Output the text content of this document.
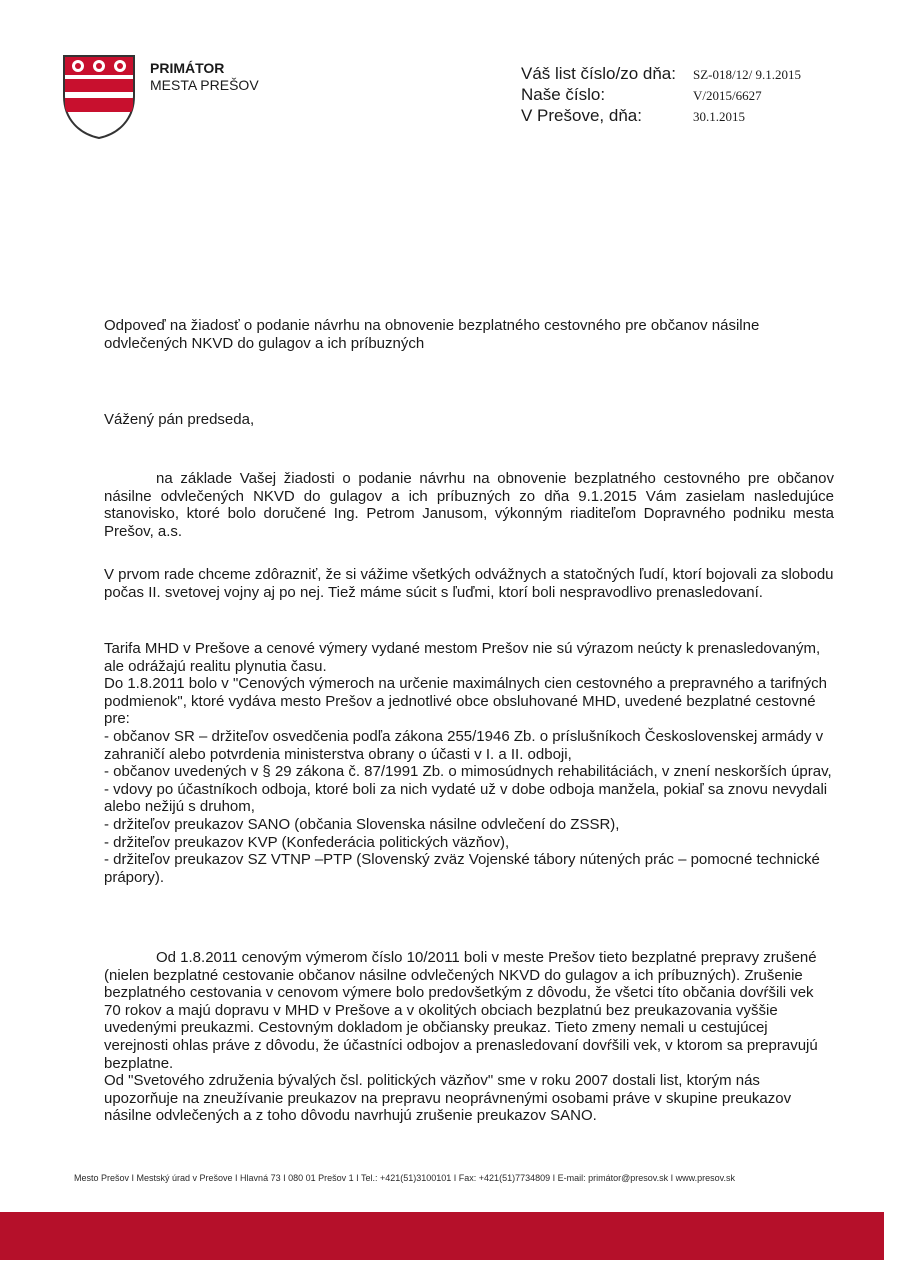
PRIMÁTOR
MESTA PREŠOV
Váš list číslo/zo dňa: SZ-018/12/ 9.1.2015
Naše číslo:	V/2015/6627
V Prešove, dňa:	30.1.2015
Odpoveď na žiadosť o podanie návrhu na obnovenie bezplatného cestovného pre občanov násilne odvlečených NKVD do gulagov a ich príbuzných
Vážený pán predseda,
na základe Vašej žiadosti o podanie návrhu na obnovenie bezplatného cestovného pre občanov násilne odvlečených NKVD do gulagov a ich príbuzných zo dňa 9.1.2015 Vám zasielam nasledujúce stanovisko, ktoré bolo doručené Ing. Petrom Janusom, výkonným riaditeľom Dopravného podniku mesta Prešov, a.s.
V prvom rade chceme zdôrazniť, že si vážime všetkých odvážnych a statočných ľudí, ktorí bojovali za slobodu počas II. svetovej vojny aj po nej. Tiež máme súcit s ľuďmi, ktorí boli nespravodlivo prenasledovaní.

Tarifa MHD v Prešove a cenové výmery vydané mestom Prešov nie sú výrazom neúcty k prenasledovaným, ale odrážajú realitu plynutia času.

Do 1.8.2011 bolo v "Cenových výmeroch na určenie maximálnych cien cestovného a prepravného a tarifných podmienok", ktoré vydáva mesto Prešov a jednotlivé obce obsluhované MHD, uvedené bezplatné cestovné pre:

- občanov SR – držiteľov osvedčenia podľa zákona 255/1946 Zb. o príslušníkoch Československej armády v zahraničí alebo potvrdenia ministerstva obrany o účasti v I. a II. odboji,
- občanov uvedených v § 29 zákona č. 87/1991 Zb. o mimosúdnych rehabilitáciách, v znení neskorších úprav,
- vdovy po účastníkoch odboja, ktoré boli za nich vydaté už v dobe odboja manžela, pokiaľ sa znovu nevydali alebo nežijú s druhom,
- držiteľov preukazov SANO (občania Slovenska násilne odvlečení do ZSSR),
- držiteľov preukazov KVP (Konfederácia politických väzňov),
- držiteľov preukazov SZ VTNP –PTP (Slovenský zväz Vojenské tábory nútených prác – pomocné technické prápory).

Od 1.8.2011 cenovým výmerom číslo 10/2011 boli v meste Prešov tieto bezplatné prepravy zrušené (nielen bezplatné cestovanie občanov násilne odvlečených NKVD do gulagov a ich príbuzných). Zrušenie bezplatného cestovania v cenovom výmere bolo predovšetkým z dôvodu, že všetci títo občania dovŕšili vek 70 rokov a majú dopravu v MHD v Prešove a v okolitých obciach bezplatnú bez preukazovania vyššie uvedenými preukazmi. Cestovným dokladom je občiansky preukaz. Tieto zmeny nemali u cestujúcej verejnosti ohlas práve z dôvodu, že účastníci odbojov a prenasledovaní dovŕšili vek, v ktorom sa prepravujú bezplatne.

Od "Svetového združenia bývalých čsl. politických väzňov" sme v roku 2007 dostali list, ktorým nás upozorňuje na zneužívanie preukazov na prepravu neoprávnenými osobami práve v skupine preukazov násilne odvlečených a z toho dôvodu navrhujú zrušenie preukazov SANO.

Mesto Prešov I Mestský úrad v Prešove I Hlavná 73 I 080 01 Prešov 1 I Tel.: +421(51)3100101 I Fax: +421(51)7734809 I E-mail: primátor@presov.sk I www.presov.sk
